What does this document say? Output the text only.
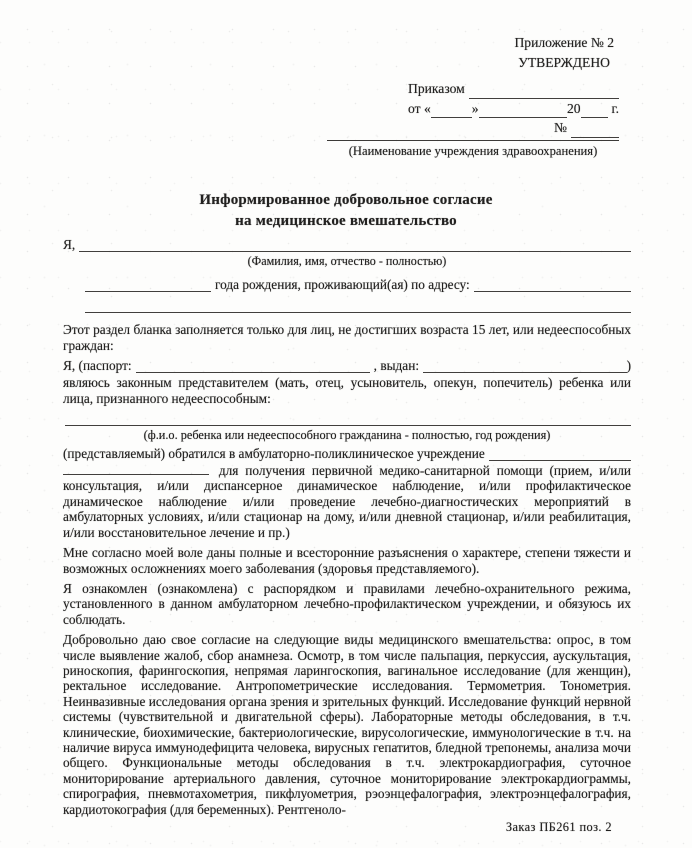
Приложение № 2
УТВЕРЖДЕНО
Приказом
от «	»	20 г.
№
(Наименование учреждения здравоохранения)
Информированное добровольное согласие
на медицинское вмешательство
Я,
(Фамилия, имя, отчество - полностью)
года рождения, проживающий(ая) по адресу:

Этот раздел бланка заполняется только для лиц, не достигших возраста 15 лет, или недееспособных граждан:

Я, (паспорт:	, выдан:	)

являюсь законным представителем (мать, отец, усыновитель, опекун, попечитель) ребенка или лица, признанного недееспособным:

(ф.и.о. ребенка или недееспособного гражданина - полностью, год рождения)
(представляемый) обратился в амбулаторно-поликлиническое учреждение

для получения первичной медико-санитарной помощи (прием, и/или консультация, и/или диспансерное динамическое наблюдение, и/или профилактическое динамическое наблюдение и/или проведение лечебно-диагностических мероприятий в амбулаторных условиях, и/или стационар на дому, и/или дневной стационар, и/или реабилитация, и/или восстановительное лечение и пр.)

Мне согласно моей воле даны полные и всесторонние разъяснения о характере, степени тяжести и возможных осложнениях моего заболевания (здоровья представляемого).

Я ознакомлен (ознакомлена) с распорядком и правилами лечебно-охранительного режима, установленного в данном амбулаторном лечебно-профилактическом учреждении, и обязуюсь их соблюдать.

Добровольно даю свое согласие на следующие виды медицинского вмешательства: опрос, в том числе выявление жалоб, сбор анамнеза. Осмотр, в том числе пальпация, перкуссия, аускультация, риноскопия, фарингоскопия, непрямая ларингоскопия, вагинальное исследование (для женщин), ректальное исследование. Антропометрические исследования. Термометрия. Тонометрия. Неинвазивные исследования органа зрения и зрительных функций. Исследование функций нервной системы (чувствительной и двигательной сферы). Лабораторные методы обследования, в т.ч. клинические, биохимические, бактериологические, вирусологические, иммунологические в т.ч. на наличие вируса иммунодефицита человека, вирусных гепатитов, бледной трепонемы, анализа мочи общего. Функциональные методы обследования в т.ч. электрокардиография, суточное мониторирование артериального давления, суточное мониторирование электрокардиограммы, спирография, пневмотахометрия, пикфлуометрия, рэоэнцефалография, электроэнцефалография, кардиотокография (для беременных). Рентгеноло-

Заказ ПБ261 поз. 2
